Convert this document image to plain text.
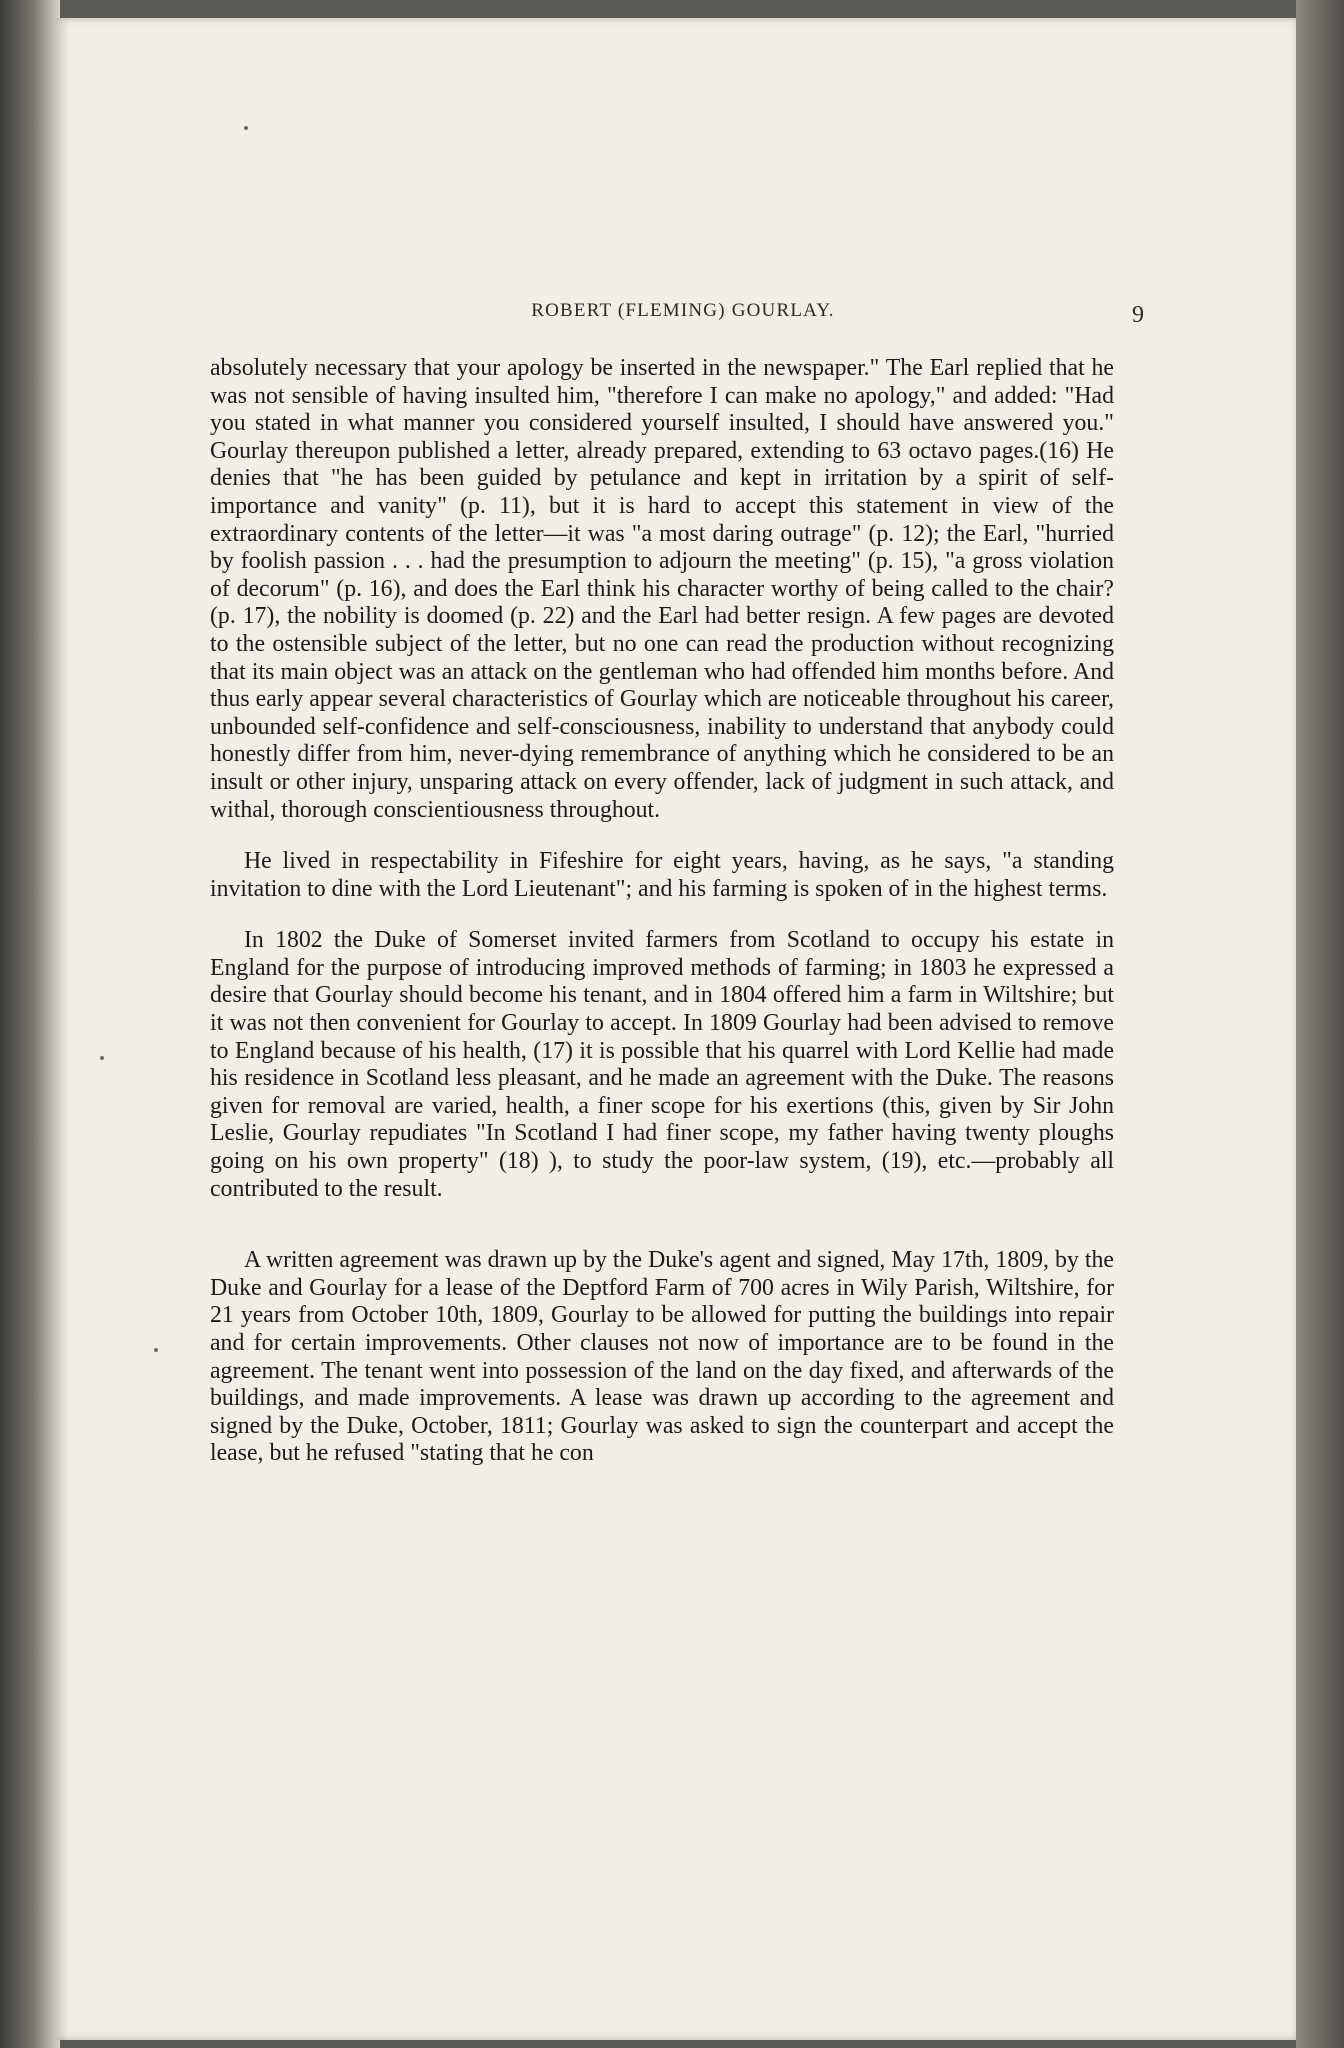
ROBERT (FLEMING) GOURLAY.	9

absolutely necessary that your apology be inserted in the newspaper." The Earl replied that he was not sensible of having insulted him, "therefore I can make no apology," and added: "Had you stated in what manner you considered yourself insulted, I should have answered you." Gourlay thereupon published a letter, already prepared, extending to 63 octavo pages.(16) He denies that "he has been guided by petulance and kept in irritation by a spirit of self-importance and vanity" (p. 11), but it is hard to accept this statement in view of the extraordinary contents of the letter—it was "a most daring outrage" (p. 12); the Earl, "hurried by foolish passion . . . had the presumption to adjourn the meeting" (p. 15), "a gross violation of decorum" (p. 16), and does the Earl think his character worthy of being called to the chair? (p. 17), the nobility is doomed (p. 22) and the Earl had better resign. A few pages are devoted to the ostensible subject of the letter, but no one can read the production without recognizing that its main object was an attack on the gentleman who had offended him months before. And thus early appear several characteristics of Gourlay which are noticeable throughout his career, unbounded self-confidence and self-consciousness, inability to understand that anybody could honestly differ from him, never-dying remembrance of anything which he considered to be an insult or other injury, unsparing attack on every offender, lack of judgment in such attack, and withal, thorough conscientiousness throughout.

He lived in respectability in Fifeshire for eight years, having, as he says, "a standing invitation to dine with the Lord Lieutenant"; and his farming is spoken of in the highest terms.

In 1802 the Duke of Somerset invited farmers from Scotland to occupy his estate in England for the purpose of introducing improved methods of farming; in 1803 he expressed a desire that Gourlay should become his tenant, and in 1804 offered him a farm in Wiltshire; but it was not then convenient for Gourlay to accept. In 1809 Gourlay had been advised to remove to England because of his health, (17) it is possible that his quarrel with Lord Kellie had made his residence in Scotland less pleasant, and he made an agreement with the Duke. The reasons given for removal are varied, health, a finer scope for his exertions (this, given by Sir John Leslie, Gourlay repudiates "In Scotland I had finer scope, my father having twenty ploughs going on his own property" (18) ), to study the poor-law system, (19), etc.—probably all contributed to the result.

A written agreement was drawn up by the Duke's agent and signed, May 17th, 1809, by the Duke and Gourlay for a lease of the Deptford Farm of 700 acres in Wily Parish, Wiltshire, for 21 years from October 10th, 1809, Gourlay to be allowed for putting the buildings into repair and for certain improvements. Other clauses not now of importance are to be found in the agreement. The tenant went into possession of the land on the day fixed, and afterwards of the buildings, and made improvements. A lease was drawn up according to the agreement and signed by the Duke, October, 1811; Gourlay was asked to sign the counterpart and accept the lease, but he refused "stating that he con
